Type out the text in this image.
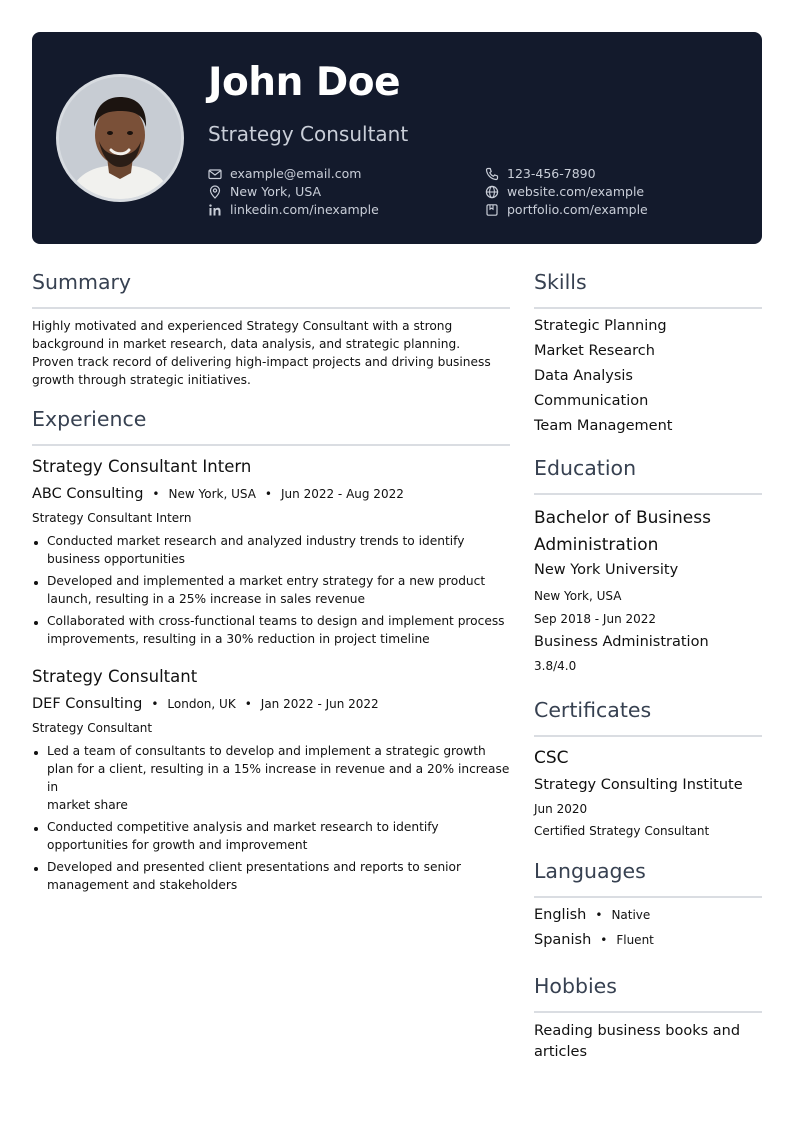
John Doe
Strategy Consultant
example@email.com
New York, USA
linkedin.com/inexample
123-456-7890
website.com/example
portfolio.com/example
Summary
Highly motivated and experienced Strategy Consultant with a strong
background in market research, data analysis, and strategic planning.
Proven track record of delivering high-impact projects and driving business
growth through strategic initiatives.
Experience
Strategy Consultant Intern
ABC Consulting • New York, USA • Jun 2022 - Aug 2022
Strategy Consultant Intern
Conducted market research and analyzed industry trends to identify
business opportunities
Developed and implemented a market entry strategy for a new product
launch, resulting in a 25% increase in sales revenue
Collaborated with cross-functional teams to design and implement process
improvements, resulting in a 30% reduction in project timeline
Strategy Consultant
DEF Consulting • London, UK • Jan 2022 - Jun 2022
Strategy Consultant
Led a team of consultants to develop and implement a strategic growth
plan for a client, resulting in a 15% increase in revenue and a 20% increase in
market share
Conducted competitive analysis and market research to identify
opportunities for growth and improvement
Developed and presented client presentations and reports to senior
management and stakeholders
Skills
Strategic Planning
Market Research
Data Analysis
Communication
Team Management
Education
Bachelor of Business
Administration
New York University
New York, USA
Sep 2018 - Jun 2022
Business Administration
3.8/4.0
Certificates
CSC
Strategy Consulting Institute
Jun 2020
Certified Strategy Consultant
Languages
English • Native
Spanish • Fluent
Hobbies
Reading business books and
articles
